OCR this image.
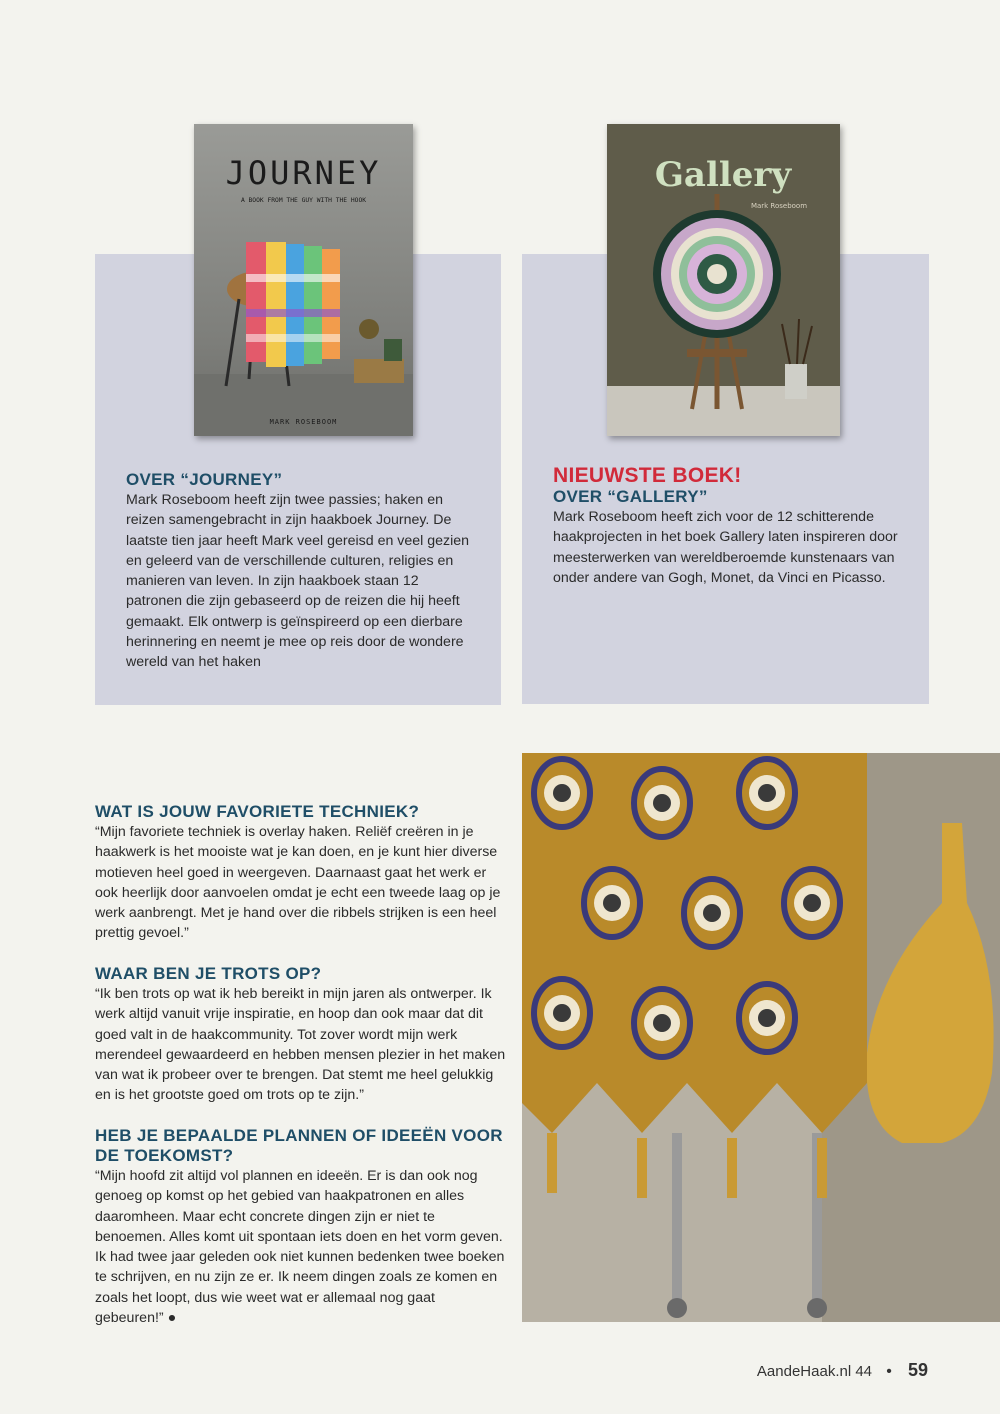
JOURNEY
A BOOK FROM THE GUY WITH THE HOOK
MARK ROSEBOOM
OVER “JOURNEY”

Mark Roseboom heeft zijn twee passies; haken en reizen samengebracht in zijn haakboek Journey. De laatste tien jaar heeft Mark veel gereisd en veel gezien en geleerd van de verschillende culturen, religies en manieren van leven. In zijn haakboek staan 12 patronen die zijn gebaseerd op de reizen die hij heeft gemaakt. Elk ontwerp is geïnspireerd op een dierbare herinnering en neemt je mee op reis door de wondere wereld van het haken

Gallery
Mark Roseboom
NIEUWSTE BOEK!
OVER “GALLERY”

Mark Roseboom heeft zich voor de 12 schitterende haakprojecten in het boek Gallery laten inspireren door meesterwerken van wereldberoemde kunstenaars van onder andere van Gogh, Monet, da Vinci en Picasso.

WAT IS JOUW FAVORIETE TECHNIEK?

“Mijn favoriete techniek is overlay haken. Reliëf creëren in je haakwerk is het mooiste wat je kan doen, en je kunt hier diverse motieven heel goed in weergeven. Daarnaast gaat het werk er ook heerlijk door aanvoelen omdat je echt een tweede laag op je werk aanbrengt. Met je hand over die ribbels strijken is een heel prettig gevoel.”

WAAR BEN JE TROTS OP?

“Ik ben trots op wat ik heb bereikt in mijn jaren als ontwerper. Ik werk altijd vanuit vrije inspiratie, en hoop dan ook maar dat dit goed valt in de haakcommunity. Tot zover wordt mijn werk merendeel gewaardeerd en hebben mensen plezier in het maken van wat ik probeer over te brengen. Dat stemt me heel gelukkig en is het grootste goed om trots op te zijn.”

HEB JE BEPAALDE PLANNEN OF IDEEËN VOOR DE TOEKOMST?

“Mijn hoofd zit altijd vol plannen en ideeën. Er is dan ook nog genoeg op komst op het gebied van haakpatronen en alles daaromheen. Maar echt concrete dingen zijn er niet te benoemen. Alles komt uit spontaan iets doen en het vorm geven. Ik had twee jaar geleden ook niet kunnen bedenken twee boeken te schrijven, en nu zijn ze er. Ik neem dingen zoals ze komen en zoals het loopt, dus wie weet wat er allemaal nog gaat gebeuren!” ●

AandeHaak.nl 44 • 59
